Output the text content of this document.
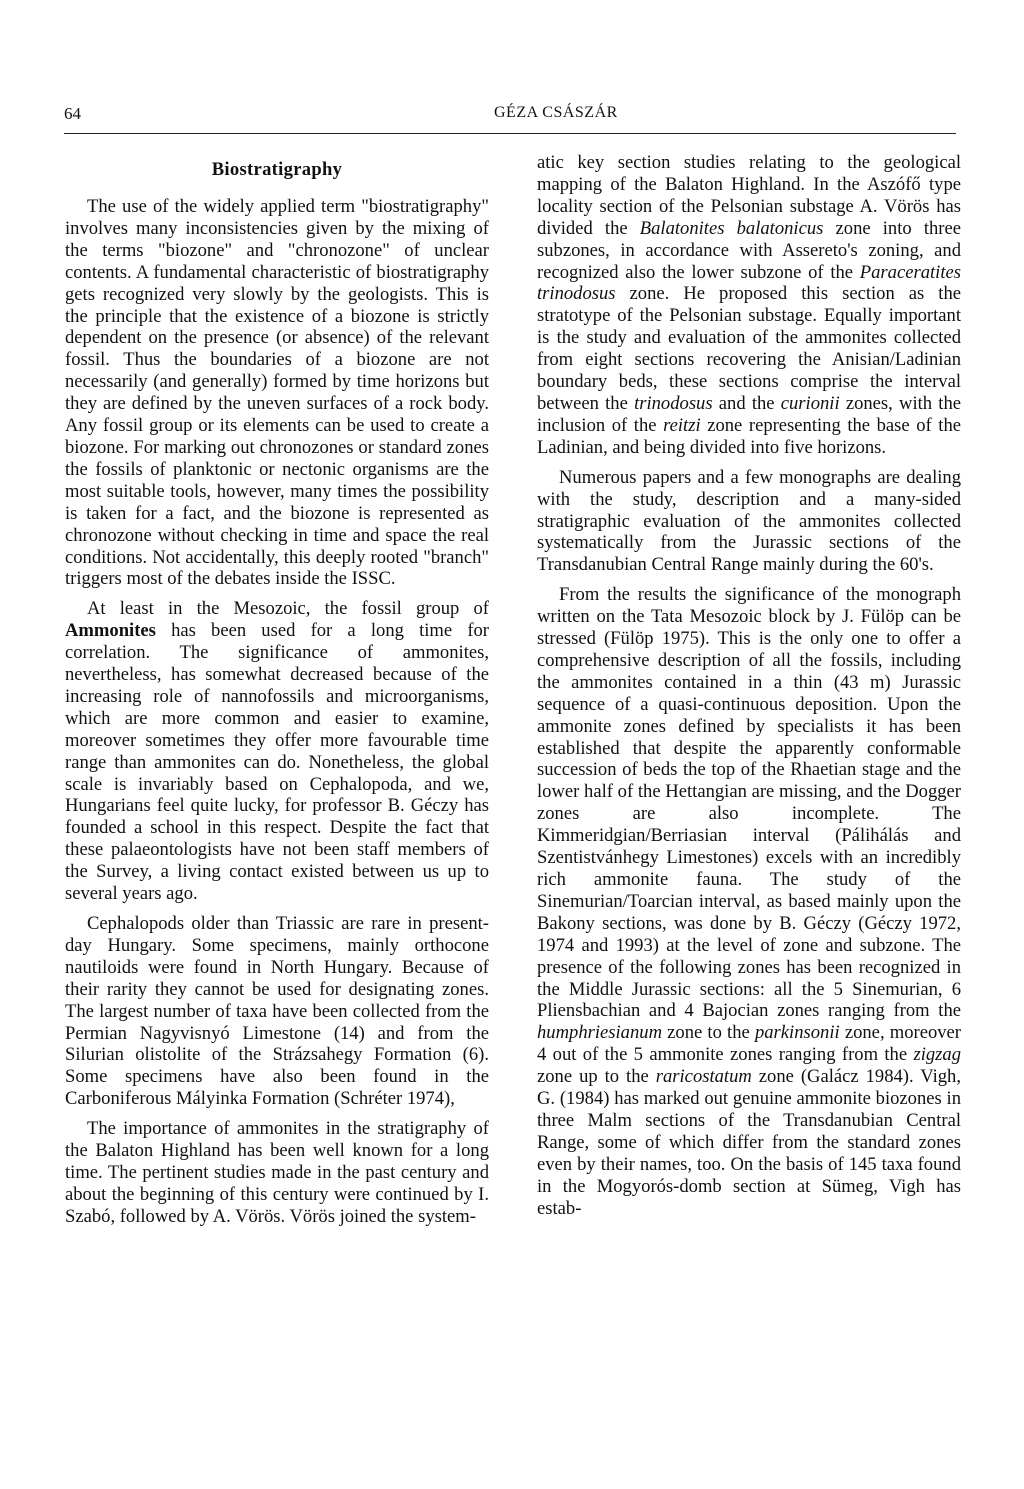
64	GÉZA CSÁSZÁR
Biostratigraphy

The use of the widely applied term "biostratigraphy" involves many inconsistencies given by the mixing of the terms "biozone" and "chronozone" of unclear contents. A fundamental characteristic of biostratigraphy gets recognized very slowly by the geologists. This is the principle that the existence of a biozone is strictly dependent on the presence (or absence) of the relevant fossil. Thus the boundaries of a biozone are not necessarily (and generally) formed by time horizons but they are defined by the uneven surfaces of a rock body. Any fossil group or its elements can be used to create a biozone. For marking out chronozones or standard zones the fossils of planktonic or nectonic organisms are the most suitable tools, however, many times the possibility is taken for a fact, and the biozone is represented as chronozone without checking in time and space the real conditions. Not accidentally, this deeply rooted "branch" triggers most of the debates inside the ISSC.

At least in the Mesozoic, the fossil group of Ammonites has been used for a long time for correlation. The significance of ammonites, nevertheless, has somewhat decreased because of the increasing role of nannofossils and microorganisms, which are more common and easier to examine, moreover sometimes they offer more favourable time range than ammonites can do. Nonetheless, the global scale is invariably based on Cephalopoda, and we, Hungarians feel quite lucky, for professor B. Géczy has founded a school in this respect. Despite the fact that these palaeontologists have not been staff members of the Survey, a living contact existed between us up to several years ago.

Cephalopods older than Triassic are rare in present-day Hungary. Some specimens, mainly orthocone nautiloids were found in North Hungary. Because of their rarity they cannot be used for designating zones. The largest number of taxa have been collected from the Permian Nagyvisnyó Limestone (14) and from the Silurian olistolite of the Strázsahegy Formation (6). Some specimens have also been found in the Carboniferous Mályinka Formation (Schréter 1974),

The importance of ammonites in the stratigraphy of the Balaton Highland has been well known for a long time. The pertinent studies made in the past century and about the beginning of this century were continued by I. Szabó, followed by A. Vörös. Vörös joined the system-

atic key section studies relating to the geological mapping of the Balaton Highland. In the Aszófő type locality section of the Pelsonian substage A. Vörös has divided the Balatonites balatonicus zone into three subzones, in accordance with Assereto's zoning, and recognized also the lower subzone of the Paraceratites trinodosus zone. He proposed this section as the stratotype of the Pelsonian substage. Equally important is the study and evaluation of the ammonites collected from eight sections recovering the Anisian/Ladinian boundary beds, these sections comprise the interval between the trinodosus and the curionii zones, with the inclusion of the reitzi zone representing the base of the Ladinian, and being divided into five horizons.

Numerous papers and a few monographs are dealing with the study, description and a many-sided stratigraphic evaluation of the ammonites collected systematically from the Jurassic sections of the Transdanubian Central Range mainly during the 60's.

From the results the significance of the monograph written on the Tata Mesozoic block by J. Fülöp can be stressed (Fülöp 1975). This is the only one to offer a comprehensive description of all the fossils, including the ammonites contained in a thin (43 m) Jurassic sequence of a quasi-continuous deposition. Upon the ammonite zones defined by specialists it has been established that despite the apparently conformable succession of beds the top of the Rhaetian stage and the lower half of the Hettangian are missing, and the Dogger zones are also incomplete. The Kimmeridgian/Berriasian interval (Pálihálás and Szentistvánhegy Limestones) excels with an incredibly rich ammonite fauna. The study of the Sinemurian/Toarcian interval, as based mainly upon the Bakony sections, was done by B. Géczy (Géczy 1972, 1974 and 1993) at the level of zone and subzone. The presence of the following zones has been recognized in the Middle Jurassic sections: all the 5 Sinemurian, 6 Pliensbachian and 4 Bajocian zones ranging from the humphriesianum zone to the parkinsonii zone, moreover 4 out of the 5 ammonite zones ranging from the zigzag zone up to the raricostatum zone (Galácz 1984). Vigh, G. (1984) has marked out genuine ammonite biozones in three Malm sections of the Transdanubian Central Range, some of which differ from the standard zones even by their names, too. On the basis of 145 taxa found in the Mogyorós-domb section at Sümeg, Vigh has estab-
